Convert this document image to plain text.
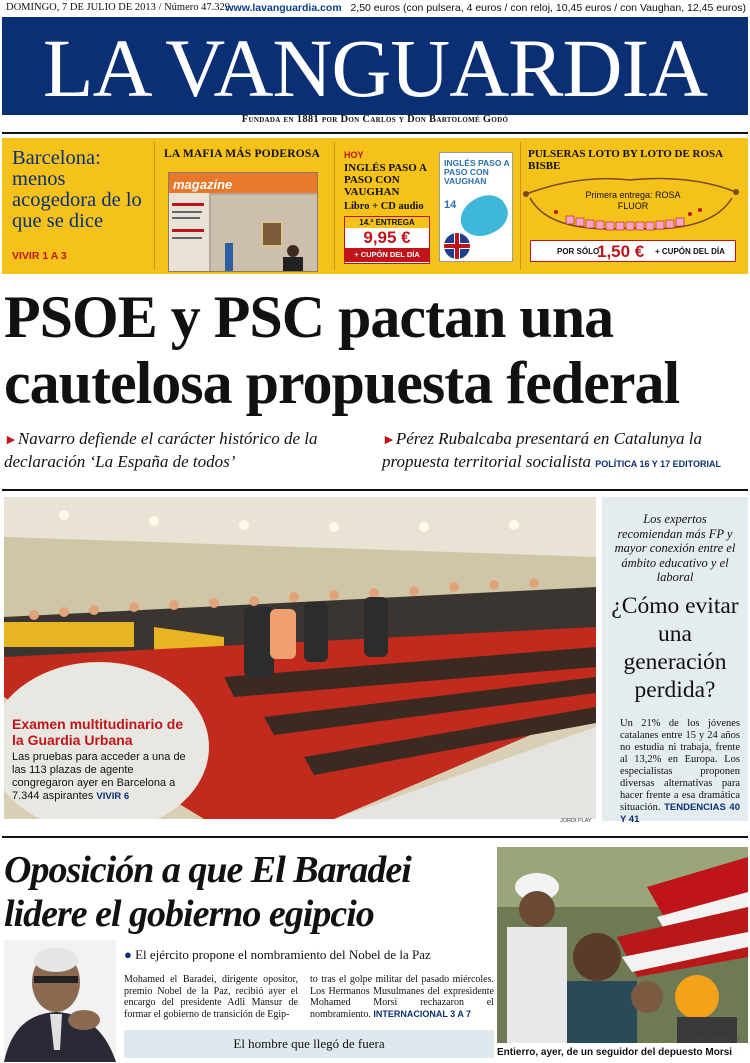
DOMINGO, 7 DE JULIO DE 2013 / Número 47.329
www.lavanguardia.com 2,50 euros (con pulsera, 4 euros / con reloj, 10,45 euros / con Vaughan, 12,45 euros)
LA VANGUARDIA
Fundada en 1881 por Don Carlos y Don Bartolomé Godó
Barcelona: menos acogedora de lo que se dice
VIVIR 1 A 3
LA MAFIA MÁS PODEROSA
magazine
HOY
INGLÉS PASO A PASO CON VAUGHAN
Libro + CD audio
14.ª ENTREGA
9,95 €
+ CUPÓN DEL DÍA
INGLÉS PASO A PASO CON VAUGHAN
14
PULSERAS LOTO BY LOTO DE ROSA BISBE
Primera entrega: ROSA FLUOR
POR SÓLO
1,50 € + CUPÓN DEL DÍA
PSOE y PSC pactan una cautelosa propuesta federal
►Navarro defiende el carácter histórico de la declaración ‘La España de todos’
►Pérez Rubalcaba presentará en Catalunya la propuesta territorial socialista POLÍTICA 16 Y 17 EDITORIAL
Examen multitudinario de la Guardia Urbana
Las pruebas para acceder a una de las 113 plazas de agente congregaron ayer en Barcelona a 7.344 aspirantes VIVIR 6
JORDI PLAY
Los expertos recomiendan más FP y mayor conexión entre el ámbito educativo y el laboral
¿Cómo evitar una generación perdida?
Un 21% de los jóvenes catalanes entre 15 y 24 años no estudia ni trabaja, frente al 13,2% en Europa. Los especialistas proponen diversas alternativas para hacer frente a esa dramática situación. TENDENCIAS 40 Y 41
Oposición a que El Baradei lidere el gobierno egipcio
● El ejército propone el nombramiento del Nobel de la Paz
Mohamed el Baradei, dirigente opositor, premio Nobel de la Paz, recibió ayer el encargo del presidente Adli Mansur de formar el gobierno de transición de Egip-
to tras el golpe militar del pasado miércoles. Los Hermanos Musulmanes del expresidente Mohamed Morsi rechazaron el nombramiento. INTERNACIONAL 3 A 7
El hombre que llegó de fuera	KHALIL HAMRA / AP
Entierro, ayer, de un seguidor del depuesto Morsi
